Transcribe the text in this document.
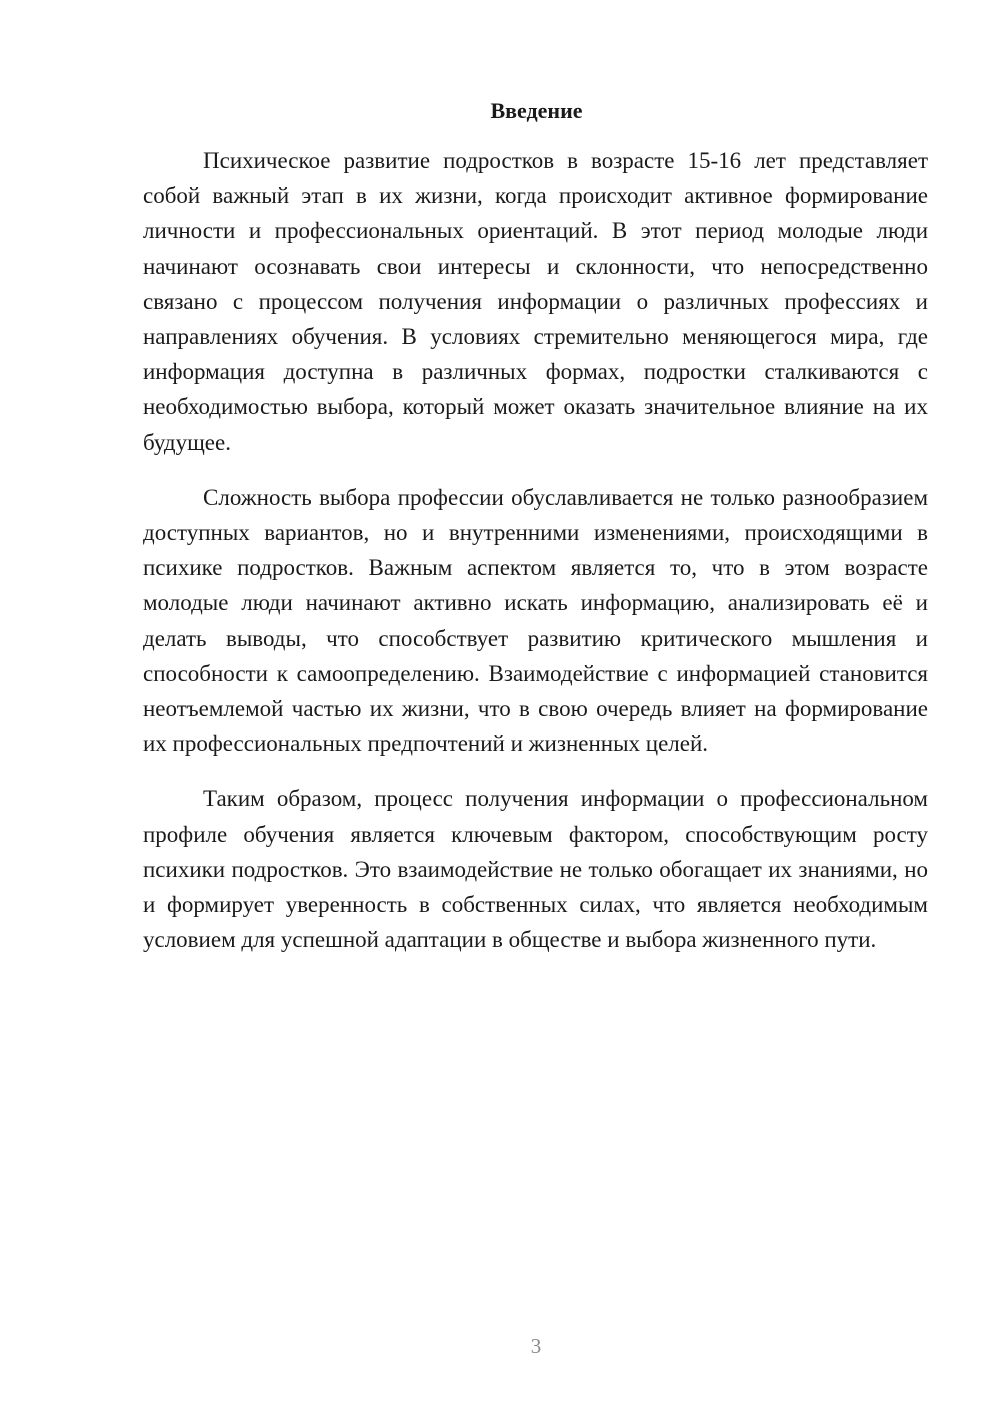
Введение

Психическое развитие подростков в возрасте 15-16 лет представляет собой важный этап в их жизни, когда происходит активное формирование личности и профессиональных ориентаций. В этот период молодые люди начинают осознавать свои интересы и склонности, что непосредственно связано с процессом получения информации о различных профессиях и направлениях обучения. В условиях стремительно меняющегося мира, где информация доступна в различных формах, подростки сталкиваются с необходимостью выбора, который может оказать значительное влияние на их будущее.

Сложность выбора профессии обуславливается не только разнообразием доступных вариантов, но и внутренними изменениями, происходящими в психике подростков. Важным аспектом является то, что в этом возрасте молодые люди начинают активно искать информацию, анализировать её и делать выводы, что способствует развитию критического мышления и способности к самоопределению. Взаимодействие с информацией становится неотъемлемой частью их жизни, что в свою очередь влияет на формирование их профессиональных предпочтений и жизненных целей.

Таким образом, процесс получения информации о профессиональном профиле обучения является ключевым фактором, способствующим росту психики подростков. Это взаимодействие не только обогащает их знаниями, но и формирует уверенность в собственных силах, что является необходимым условием для успешной адаптации в обществе и выбора жизненного пути.

3
